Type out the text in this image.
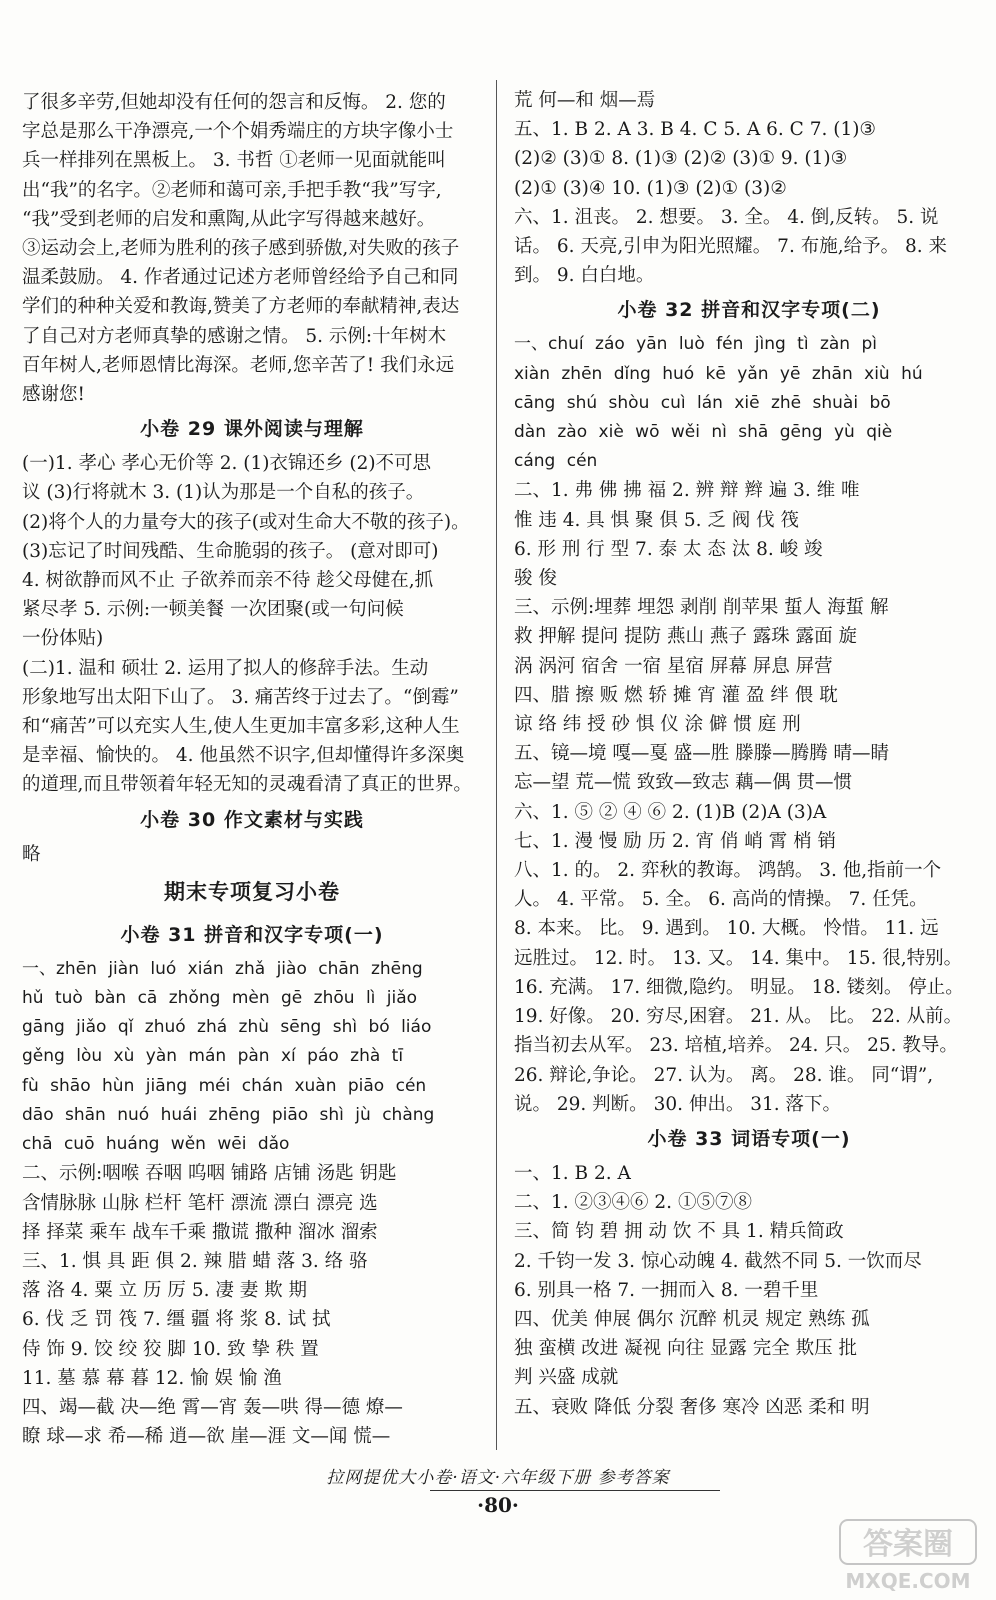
了很多辛劳,但她却没有任何的怨言和反悔。 2. 您的
字总是那么干净漂亮,一个个娟秀端庄的方块字像小士
兵一样排列在黑板上。 3. 书哲 ①老师一见面就能叫
出“我”的名字。②老师和蔼可亲,手把手教“我”写字,
“我”受到老师的启发和熏陶,从此字写得越来越好。
③运动会上,老师为胜利的孩子感到骄傲,对失败的孩子
温柔鼓励。 4. 作者通过记述方老师曾经给予自己和同
学们的种种关爱和教诲,赞美了方老师的奉献精神,表达
了自己对方老师真挚的感谢之情。 5. 示例:十年树木
百年树人,老师恩情比海深。老师,您辛苦了! 我们永远
感谢您!
小卷 29 课外阅读与理解
(一)1. 孝心 孝心无价等 2. (1)衣锦还乡 (2)不可思
议 (3)行将就木 3. (1)认为那是一个自私的孩子。
(2)将个人的力量夸大的孩子(或对生命大不敬的孩子)。
(3)忘记了时间残酷、生命脆弱的孩子。 (意对即可)
4. 树欲静而风不止 子欲养而亲不待 趁父母健在,抓
紧尽孝 5. 示例:一顿美餐 一次团聚(或一句问候
一份体贴)
(二)1. 温和 硕壮 2. 运用了拟人的修辞手法。生动
形象地写出太阳下山了。 3. 痛苦终于过去了。“倒霉”
和“痛苦”可以充实人生,使人生更加丰富多彩,这种人生
是幸福、愉快的。 4. 他虽然不识字,但却懂得许多深奥
的道理,而且带领着年轻无知的灵魂看清了真正的世界。
小卷 30 作文素材与实践
略
期末专项复习小卷
小卷 31 拼音和汉字专项(一)
一、zhēn jiàn luó xián zhǎ jiào chān zhēng
hǔ tuò bàn cā zhǒng mèn gē zhōu lì jiǎo
gāng jiǎo qǐ zhuó zhá zhù sēng shì bó liáo
gěng lòu xù yàn mán pàn xí páo zhà tī
fù shāo hùn jiāng méi chán xuàn piāo cén
dāo shān nuó huái zhēng piāo shì jù chàng
chā cuō huáng wěn wēi dǎo
二、示例:咽喉 吞咽 呜咽 铺路 店铺 汤匙 钥匙
含情脉脉 山脉 栏杆 笔杆 漂流 漂白 漂亮 选
择 择菜 乘车 战车千乘 撒谎 撒种 溜冰 溜索
三、1. 惧 具 距 俱 2. 辣 腊 蜡 落 3. 络 骆
落 洛 4. 粟 立 历 厉 5. 凄 妻 欺 期
6. 伐 乏 罚 筏 7. 缰 疆 将 浆 8. 试 拭
侍 饰 9. 饺 绞 狡 脚 10. 致 挚 秩 置
11. 墓 慕 幕 暮 12. 愉 娱 愉 渔
四、竭—截 决—绝 霄—宵 轰—哄 得—德 燎—
瞭 球—求 希—稀 逍—欲 崖—涯 文—闻 慌—
荒 何—和 烟—焉
五、1. B 2. A 3. B 4. C 5. A 6. C 7. (1)③
(2)② (3)① 8. (1)③ (2)② (3)① 9. (1)③
(2)① (3)④ 10. (1)③ (2)① (3)②
六、1. 沮丧。 2. 想要。 3. 全。 4. 倒,反转。 5. 说
话。 6. 天亮,引申为阳光照耀。 7. 布施,给予。 8. 来
到。 9. 白白地。
小卷 32 拼音和汉字专项(二)
一、chuí záo yān luò fén jìng tì zàn pì
xiàn zhēn dǐng huó kē yǎn yē zhān xiù hú
cāng shú shòu cuì lán xiē zhē shuài bō
dàn zào xiè wō wěi nì shā gēng yù qiè
cáng cén
二、1. 弗 佛 拂 福 2. 辨 辩 辫 遍 3. 维 唯
惟 违 4. 具 惧 聚 俱 5. 乏 阀 伐 筏
6. 形 刑 行 型 7. 泰 太 态 汰 8. 峻 竣
骏 俊
三、示例:埋葬 埋怨 剥削 削苹果 蜇人 海蜇 解
救 押解 提问 提防 燕山 燕子 露珠 露面 旋
涡 涡河 宿舍 一宿 星宿 屏幕 屏息 屏营
四、腊 擦 贩 燃 轿 摊 宵 灌 盈 绊 偎 耽
谅 络 纬 授 砂 惧 仪 涂 僻 惯 庭 刑
五、镜—境 嘎—戛 盛—胜 滕滕—腾腾 晴—睛
忘—望 荒—慌 致致—致志 藕—偶 贯—惯
六、1. ⑤ ② ④ ⑥ 2. (1)B (2)A (3)A
七、1. 漫 慢 励 历 2. 宵 俏 峭 霄 梢 销
八、1. 的。 2. 弈秋的教诲。 鸿鹄。 3. 他,指前一个
人。 4. 平常。 5. 全。 6. 高尚的情操。 7. 任凭。
8. 本来。 比。 9. 遇到。 10. 大概。 怜惜。 11. 远
远胜过。 12. 时。 13. 又。 14. 集中。 15. 很,特别。
16. 充满。 17. 细微,隐约。 明显。 18. 镂刻。 停止。
19. 好像。 20. 穷尽,困窘。 21. 从。 比。 22. 从前。
指当初去从军。 23. 培植,培养。 24. 只。 25. 教导。
26. 辩论,争论。 27. 认为。 离。 28. 谁。 同“谓”,
说。 29. 判断。 30. 伸出。 31. 落下。
小卷 33 词语专项(一)
一、1. B 2. A
二、1. ②③④⑥ 2. ①⑤⑦⑧
三、简 钧 碧 拥 动 饮 不 具 1. 精兵简政
2. 千钧一发 3. 惊心动魄 4. 截然不同 5. 一饮而尽
6. 别具一格 7. 一拥而入 8. 一碧千里
四、优美 伸展 偶尔 沉醉 机灵 规定 熟练 孤
独 蛮横 改进 凝视 向往 显露 完全 欺压 批
判 兴盛 成就
五、衰败 降低 分裂 奢侈 寒冷 凶恶 柔和 明
拉网提优大小卷·语文·六年级下册 参考答案
·80·
答案圈
MXQE.COM
